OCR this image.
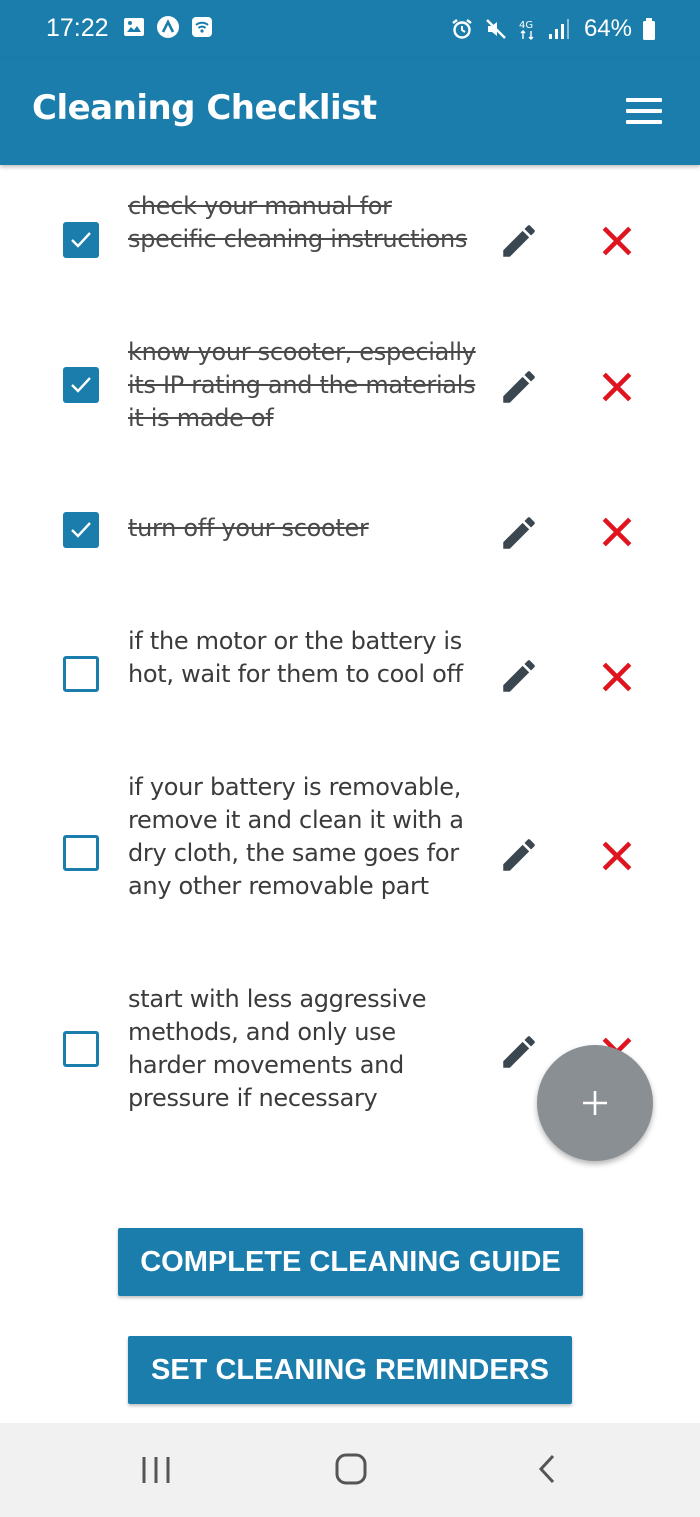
17:22	4G 64%
Cleaning Checklist
check your manual for specific cleaning instructions
know your scooter, especially its IP rating and the materials it is made of
turn off your scooter
if the motor or the battery is hot, wait for them to cool off
if your battery is removable, remove it and clean it with a dry cloth, the same goes for any other removable part
start with less aggressive methods, and only use harder movements and pressure if necessary
COMPLETE CLEANING GUIDE
SET CLEANING REMINDERS
